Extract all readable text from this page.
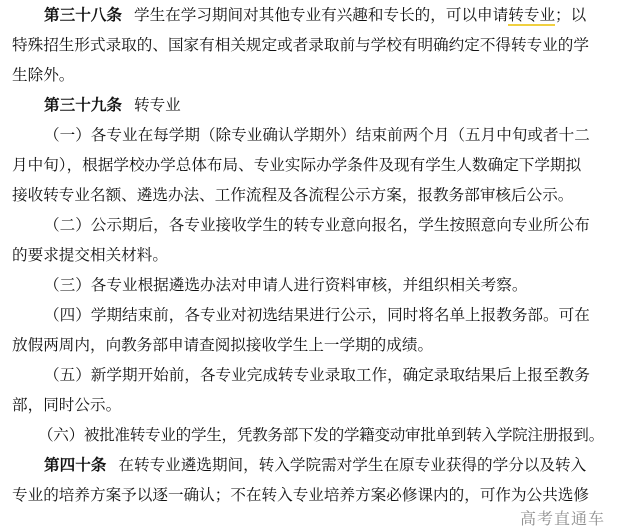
第三十八条 学生在学习期间对其他专业有兴趣和专长的，可以申请转专业；以
特殊招生形式录取的、国家有相关规定或者录取前与学校有明确约定不得转专业的学
生除外。
第三十九条 转专业
（一）各专业在每学期（除专业确认学期外）结束前两个月（五月中旬或者十二
月中旬），根据学校办学总体布局、专业实际办学条件及现有学生人数确定下学期拟
接收转专业名额、遴选办法、工作流程及各流程公示方案，报教务部审核后公示。
（二）公示期后，各专业接收学生的转专业意向报名，学生按照意向专业所公布
的要求提交相关材料。
（三）各专业根据遴选办法对申请人进行资料审核，并组织相关考察。
（四）学期结束前，各专业对初选结果进行公示，同时将名单上报教务部。可在
放假两周内，向教务部申请查阅拟接收学生上一学期的成绩。
（五）新学期开始前，各专业完成转专业录取工作，确定录取结果后上报至教务
部，同时公示。
（六）被批准转专业的学生，凭教务部下发的学籍变动审批单到转入学院注册报到。
第四十条 在转专业遴选期间，转入学院需对学生在原专业获得的学分以及转入
专业的培养方案予以逐一确认；不在转入专业培养方案必修课内的，可作为公共选修
高考直通车
